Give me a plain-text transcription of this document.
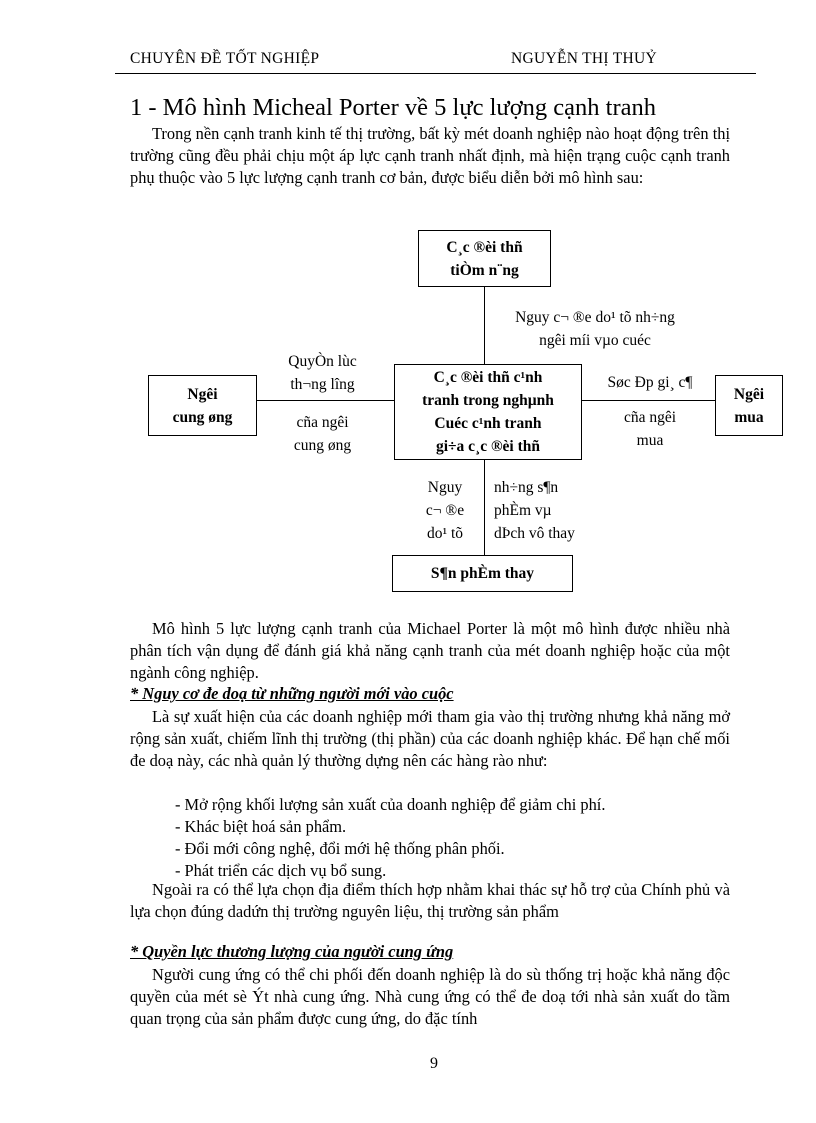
CHUYÊN ĐỀ TỐT NGHIỆP	NGUYỄN THỊ THUỶ
1 - Mô hình Micheal Porter về 5 lực lượng cạnh tranh
Trong nền cạnh tranh kinh tế thị trường, bất kỳ mét doanh nghiệp nào hoạt động trên thị trường cũng đều phải chịu một áp lực cạnh tranh nhất định, mà hiện trạng cuộc cạnh tranh phụ thuộc vào 5 lực lượng cạnh tranh cơ bản, được biểu diễn bởi mô hình sau:
C¸c ®èi thñ
tiÒm n¨ng
C¸c ®èi thñ c¹nh
tranh trong nghµnh
Cuéc c¹nh tranh
gi÷a c¸c ®èi thñ
Ngêi
cung øng
Ngêi
mua
S¶n phÈm thay
Nguy c¬ ®e do¹ tõ nh÷ng
ngêi míi vµo cuéc
QuyÒn lùc
th¬ng lîng
cña ngêi
cung øng
Søc Ðp gi¸ c¶
cña ngêi
mua
Nguy
c¬ ®e
do¹ tõ
nh÷ng s¶n
phÈm vµ
dÞch vô thay
Mô hình 5 lực lượng cạnh tranh của Michael Porter là một mô hình được nhiều nhà phân tích vận dụng để đánh giá khả năng cạnh tranh của mét doanh nghiệp hoặc của một ngành công nghiệp.
* Nguy cơ đe doạ từ những người mới vào cuộc
Là sự xuất hiện của các doanh nghiệp mới tham gia vào thị trường nhưng khả năng mở rộng sản xuất, chiếm lĩnh thị trường (thị phần) của các doanh nghiệp khác. Để hạn chế mối đe doạ này, các nhà quản lý thường dựng nên các hàng rào như:
- Mở rộng khối lượng sản xuất của doanh nghiệp để giảm chi phí.
- Khác biệt hoá sản phẩm.
- Đổi mới công nghệ, đổi mới hệ thống phân phối.
- Phát triển các dịch vụ bổ sung.
Ngoài ra có thể lựa chọn địa điểm thích hợp nhằm khai thác sự hỗ trợ của Chính phủ và lựa chọn đúng dadứn thị trường nguyên liệu, thị trường sản phẩm
* Quyền lực thương lượng của người cung ứng
Người cung ứng có thể chi phối đến doanh nghiệp là do sù thống trị hoặc khả năng độc quyền của mét sè Ýt nhà cung ứng. Nhà cung ứng có thể đe doạ tới nhà sản xuất do tầm quan trọng của sản phẩm được cung ứng, do đặc tính
9
